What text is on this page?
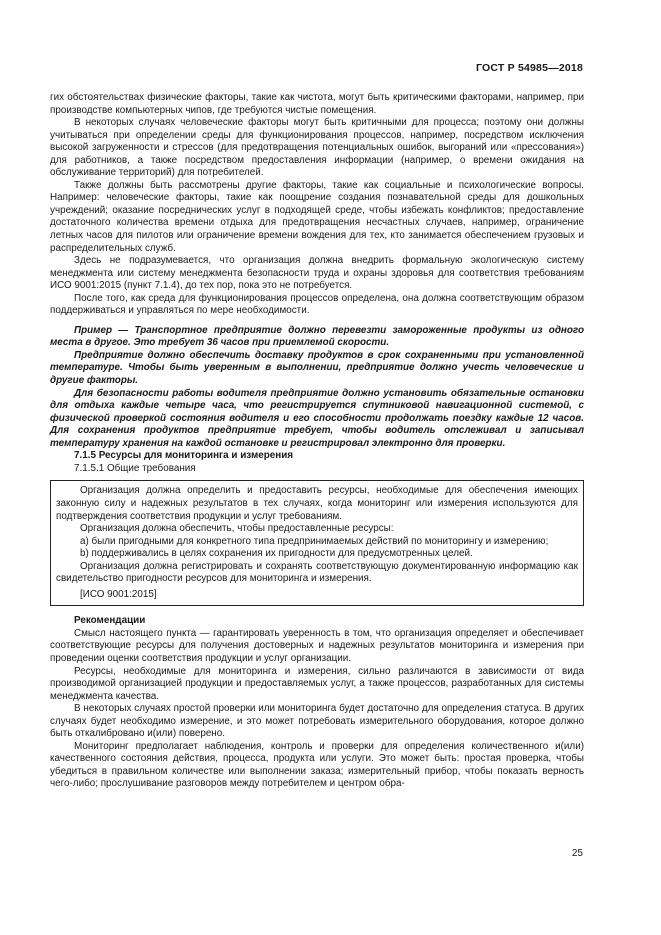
ГОСТ Р 54985—2018

гих обстоятельствах физические факторы, такие как чистота, могут быть критическими факторами, например, при производстве компьютерных чипов, где требуются чистые помещения.

В некоторых случаях человеческие факторы могут быть критичными для процесса; поэтому они должны учитываться при определении среды для функционирования процессов, например, посредством исключения высокой загруженности и стрессов (для предотвращения потенциальных ошибок, выгораний или «прессования») для работников, а также посредством предоставления информации (например, о времени ожидания на обслуживание территорий) для потребителей.

Также должны быть рассмотрены другие факторы, такие как социальные и психологические вопросы. Например: человеческие факторы, такие как поощрение создания познавательной среды для дошкольных учреждений; оказание посреднических услуг в подходящей среде, чтобы избежать конфликтов; предоставление достаточного количества времени отдыха для предотвращения несчастных случаев, например, ограничение летных часов для пилотов или ограничение времени вождения для тех, кто занимается обеспечением грузовых и распределительных служб.

Здесь не подразумевается, что организация должна внедрить формальную экологическую систему менеджмента или систему менеджмента безопасности труда и охраны здоровья для соответствия требованиям ИСО 9001:2015 (пункт 7.1.4), до тех пор, пока это не потребуется.

После того, как среда для функционирования процессов определена, она должна соответствующим образом поддерживаться и управляться по мере необходимости.

Пример — Транспортное предприятие должно перевезти замороженные продукты из одного места в другое. Это требует 36 часов при приемлемой скорости.

Предприятие должно обеспечить доставку продуктов в срок сохраненными при установленной температуре. Чтобы быть уверенным в выполнении, предприятие должно учесть человеческие и другие факторы.

Для безопасности работы водителя предприятие должно установить обязательные остановки для отдыха каждые четыре часа, что регистрируется спутниковой навигационной системой, с физической проверкой состояния водителя и его способности продолжать поездку каждые 12 часов. Для сохранения продуктов предприятие требует, чтобы водитель отслеживал и записывал температуру хранения на каждой остановке и регистрировал электронно для проверки.

7.1.5 Ресурсы для мониторинга и измерения

7.1.5.1 Общие требования

Организация должна определить и предоставить ресурсы, необходимые для обеспечения имеющих законную силу и надежных результатов в тех случаях, когда мониторинг или измерения используются для подтверждения соответствия продукции и услуг требованиям.

Организация должна обеспечить, чтобы предоставленные ресурсы:

a) были пригодными для конкретного типа предпринимаемых действий по мониторингу и измерению;

b) поддерживались в целях сохранения их пригодности для предусмотренных целей.

Организация должна регистрировать и сохранять соответствующую документированную информацию как свидетельство пригодности ресурсов для мониторинга и измерения.

[ИСО 9001:2015]

Рекомендации

Смысл настоящего пункта — гарантировать уверенность в том, что организация определяет и обеспечивает соответствующие ресурсы для получения достоверных и надежных результатов мониторинга и измерения при проведении оценки соответствия продукции и услуг организации.

Ресурсы, необходимые для мониторинга и измерения, сильно различаются в зависимости от вида производимой организацией продукции и предоставляемых услуг, а также процессов, разработанных для системы менеджмента качества.

В некоторых случаях простой проверки или мониторинга будет достаточно для определения статуса. В других случаях будет необходимо измерение, и это может потребовать измерительного оборудования, которое должно быть откалибровано и(или) поверено.

Мониторинг предполагает наблюдения, контроль и проверки для определения количественного и(или) качественного состояния действия, процесса, продукта или услуги. Это может быть: простая проверка, чтобы убедиться в правильном количестве или выполнении заказа; измерительный прибор, чтобы показать верность чего-либо; прослушивание разговоров между потребителем и центром обра-

25
